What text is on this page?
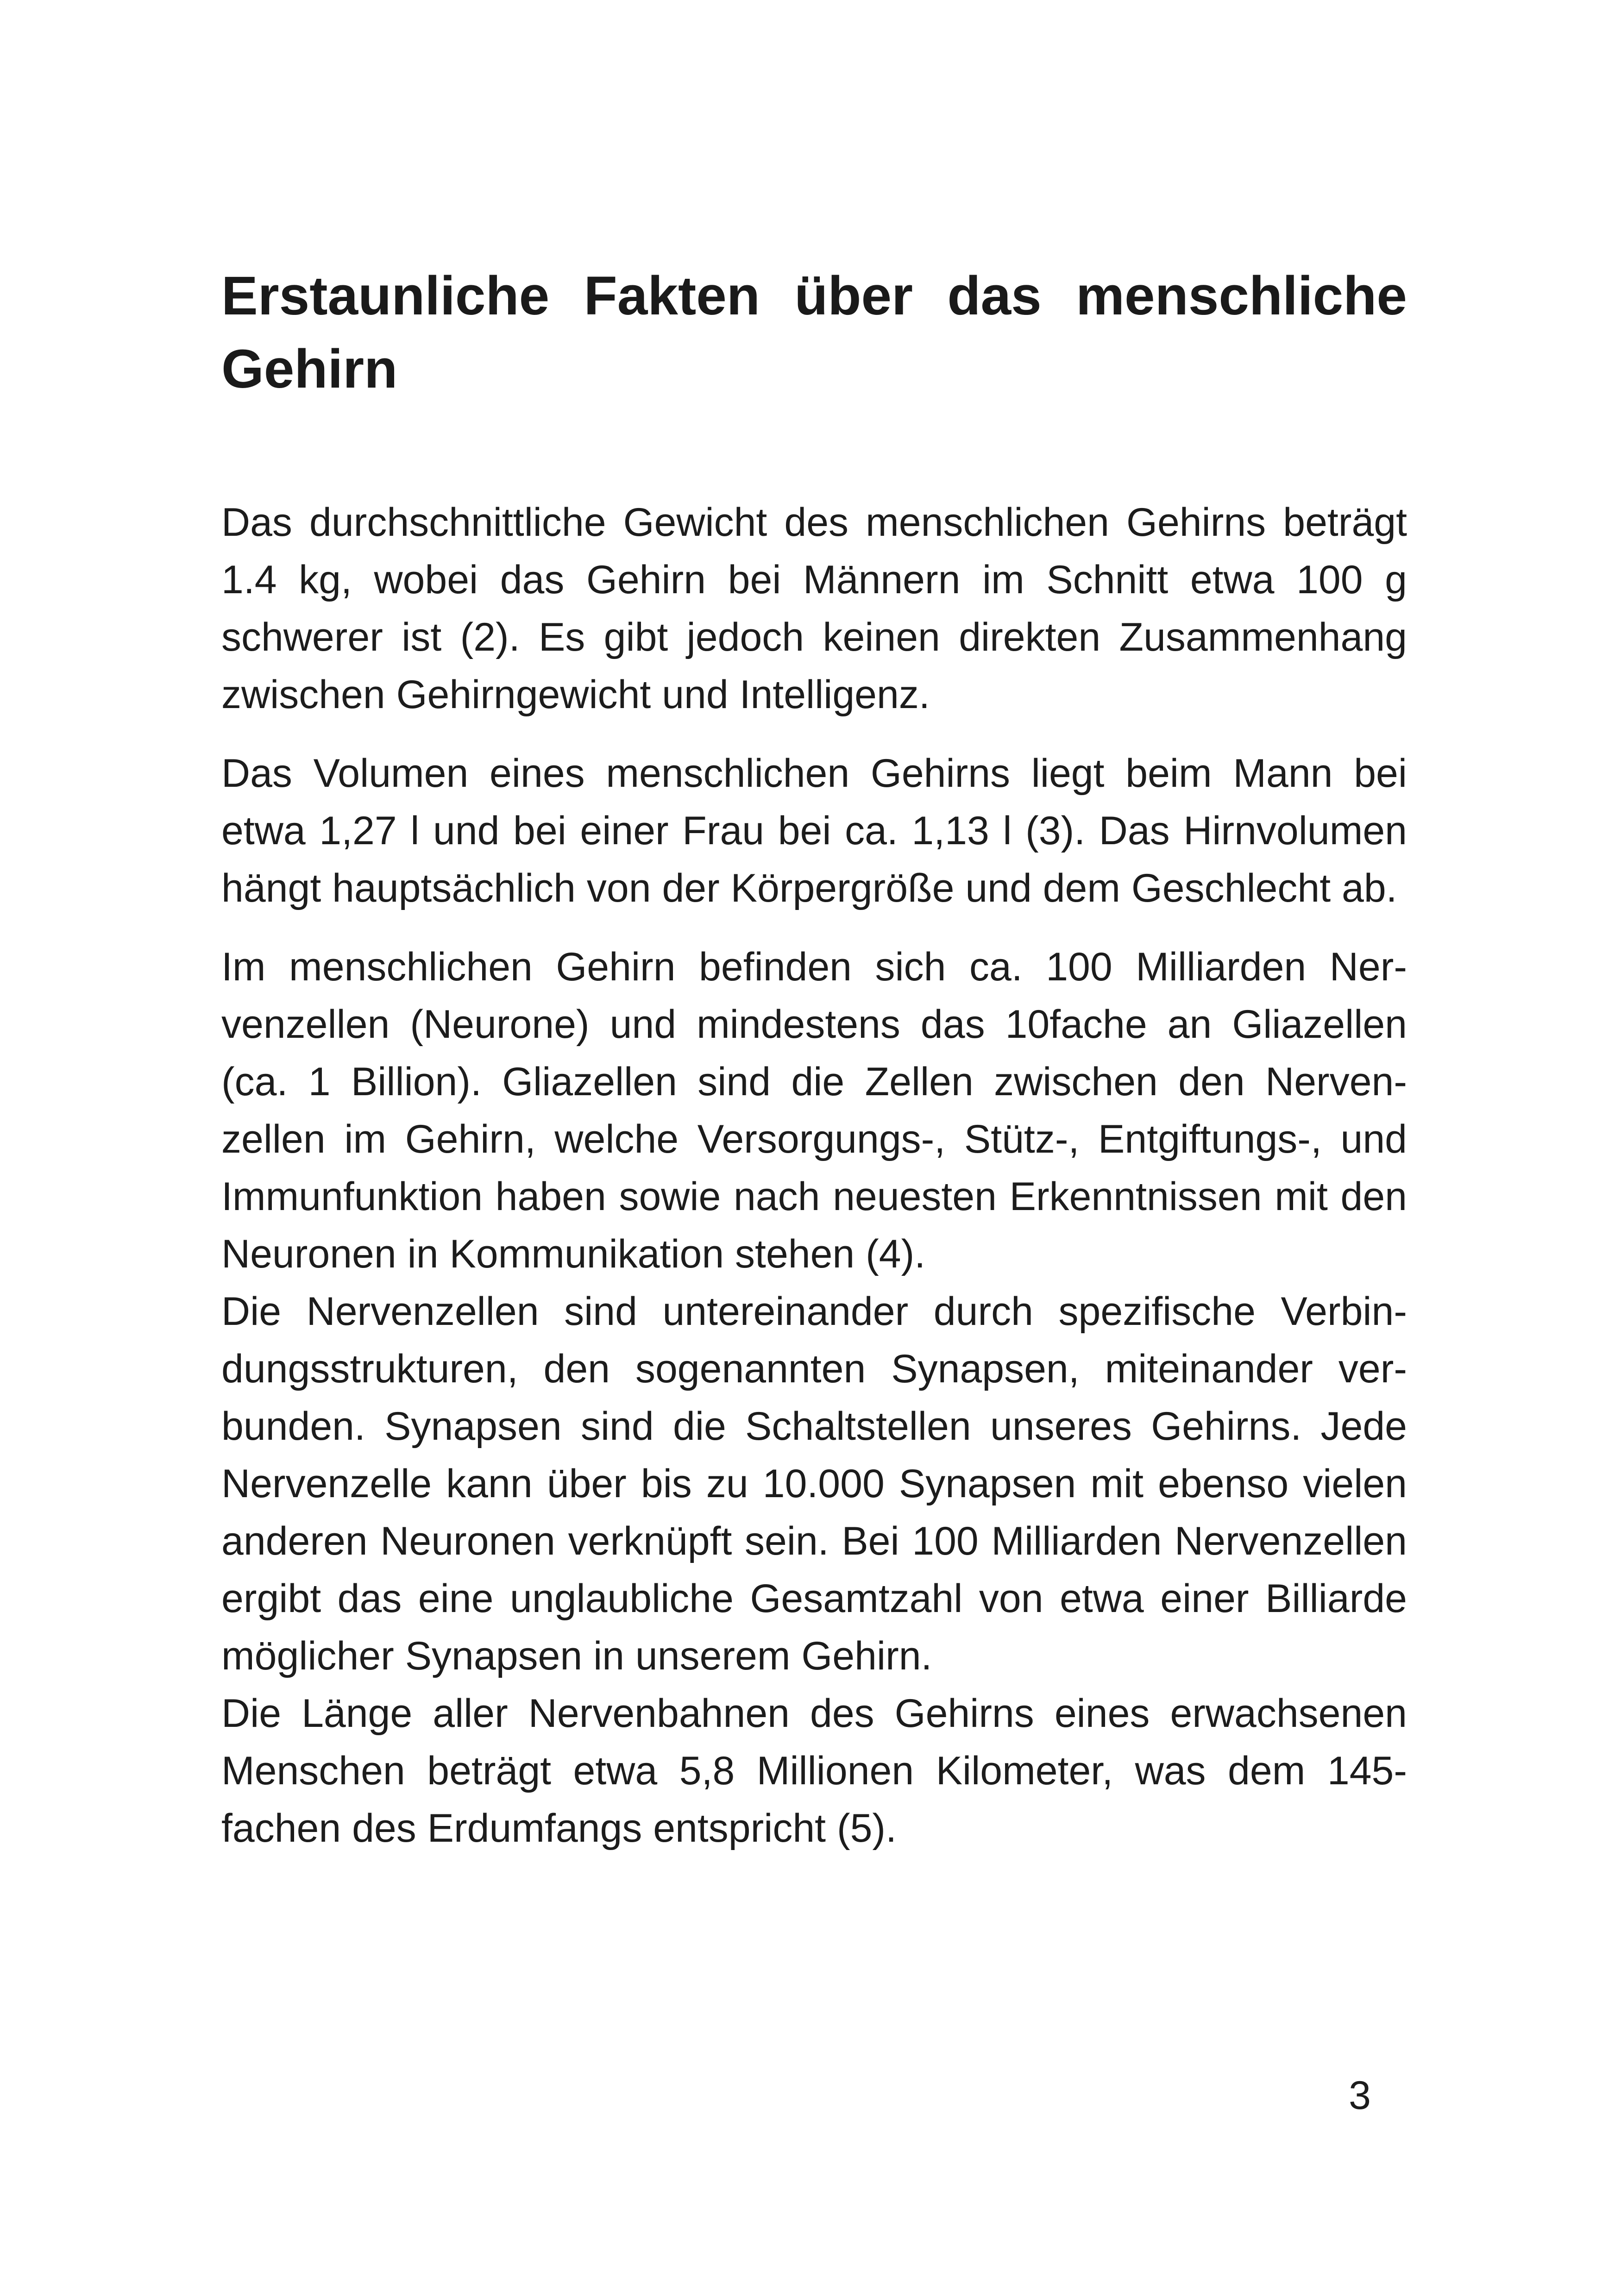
Erstaunliche Fakten über das menschliche Gehirn

Das durchschnittliche Gewicht des menschlichen Gehirns beträgt 1.4 kg, wobei das Gehirn bei Männern im Schnitt etwa 100 g schwerer ist (2). Es gibt jedoch keinen direkten Zusammenhang zwischen Gehirngewicht und Intelligenz.

Das Volumen eines menschlichen Gehirns liegt beim Mann bei etwa 1,27 l und bei einer Frau bei ca. 1,13 l (3). Das Hirnvolumen hängt hauptsächlich von der Körpergröße und dem Geschlecht ab.

Im menschlichen Gehirn befinden sich ca. 100 Milliarden Nervenzellen (Neurone) und mindestens das 10fache an Gliazellen (ca. 1 Billion). Gliazellen sind die Zellen zwischen den Nervenzellen im Gehirn, welche Versorgungs-, Stütz-, Entgiftungs-, und Immunfunktion haben sowie nach neuesten Erkenntnissen mit den Neuronen in Kommunikation stehen (4).

Die Nervenzellen sind untereinander durch spezifische Verbindungsstrukturen, den sogenannten Synapsen, miteinander verbunden. Synapsen sind die Schaltstellen unseres Gehirns. Jede Nervenzelle kann über bis zu 10.000 Synapsen mit ebenso vielen anderen Neuronen verknüpft sein. Bei 100 Milliarden Nervenzellen ergibt das eine unglaubliche Gesamtzahl von etwa einer Billiarde möglicher Synapsen in unserem Gehirn.

Die Länge aller Nervenbahnen des Gehirns eines erwachsenen Menschen beträgt etwa 5,8 Millionen Kilometer, was dem 145-fachen des Erdumfangs entspricht (5).

3
